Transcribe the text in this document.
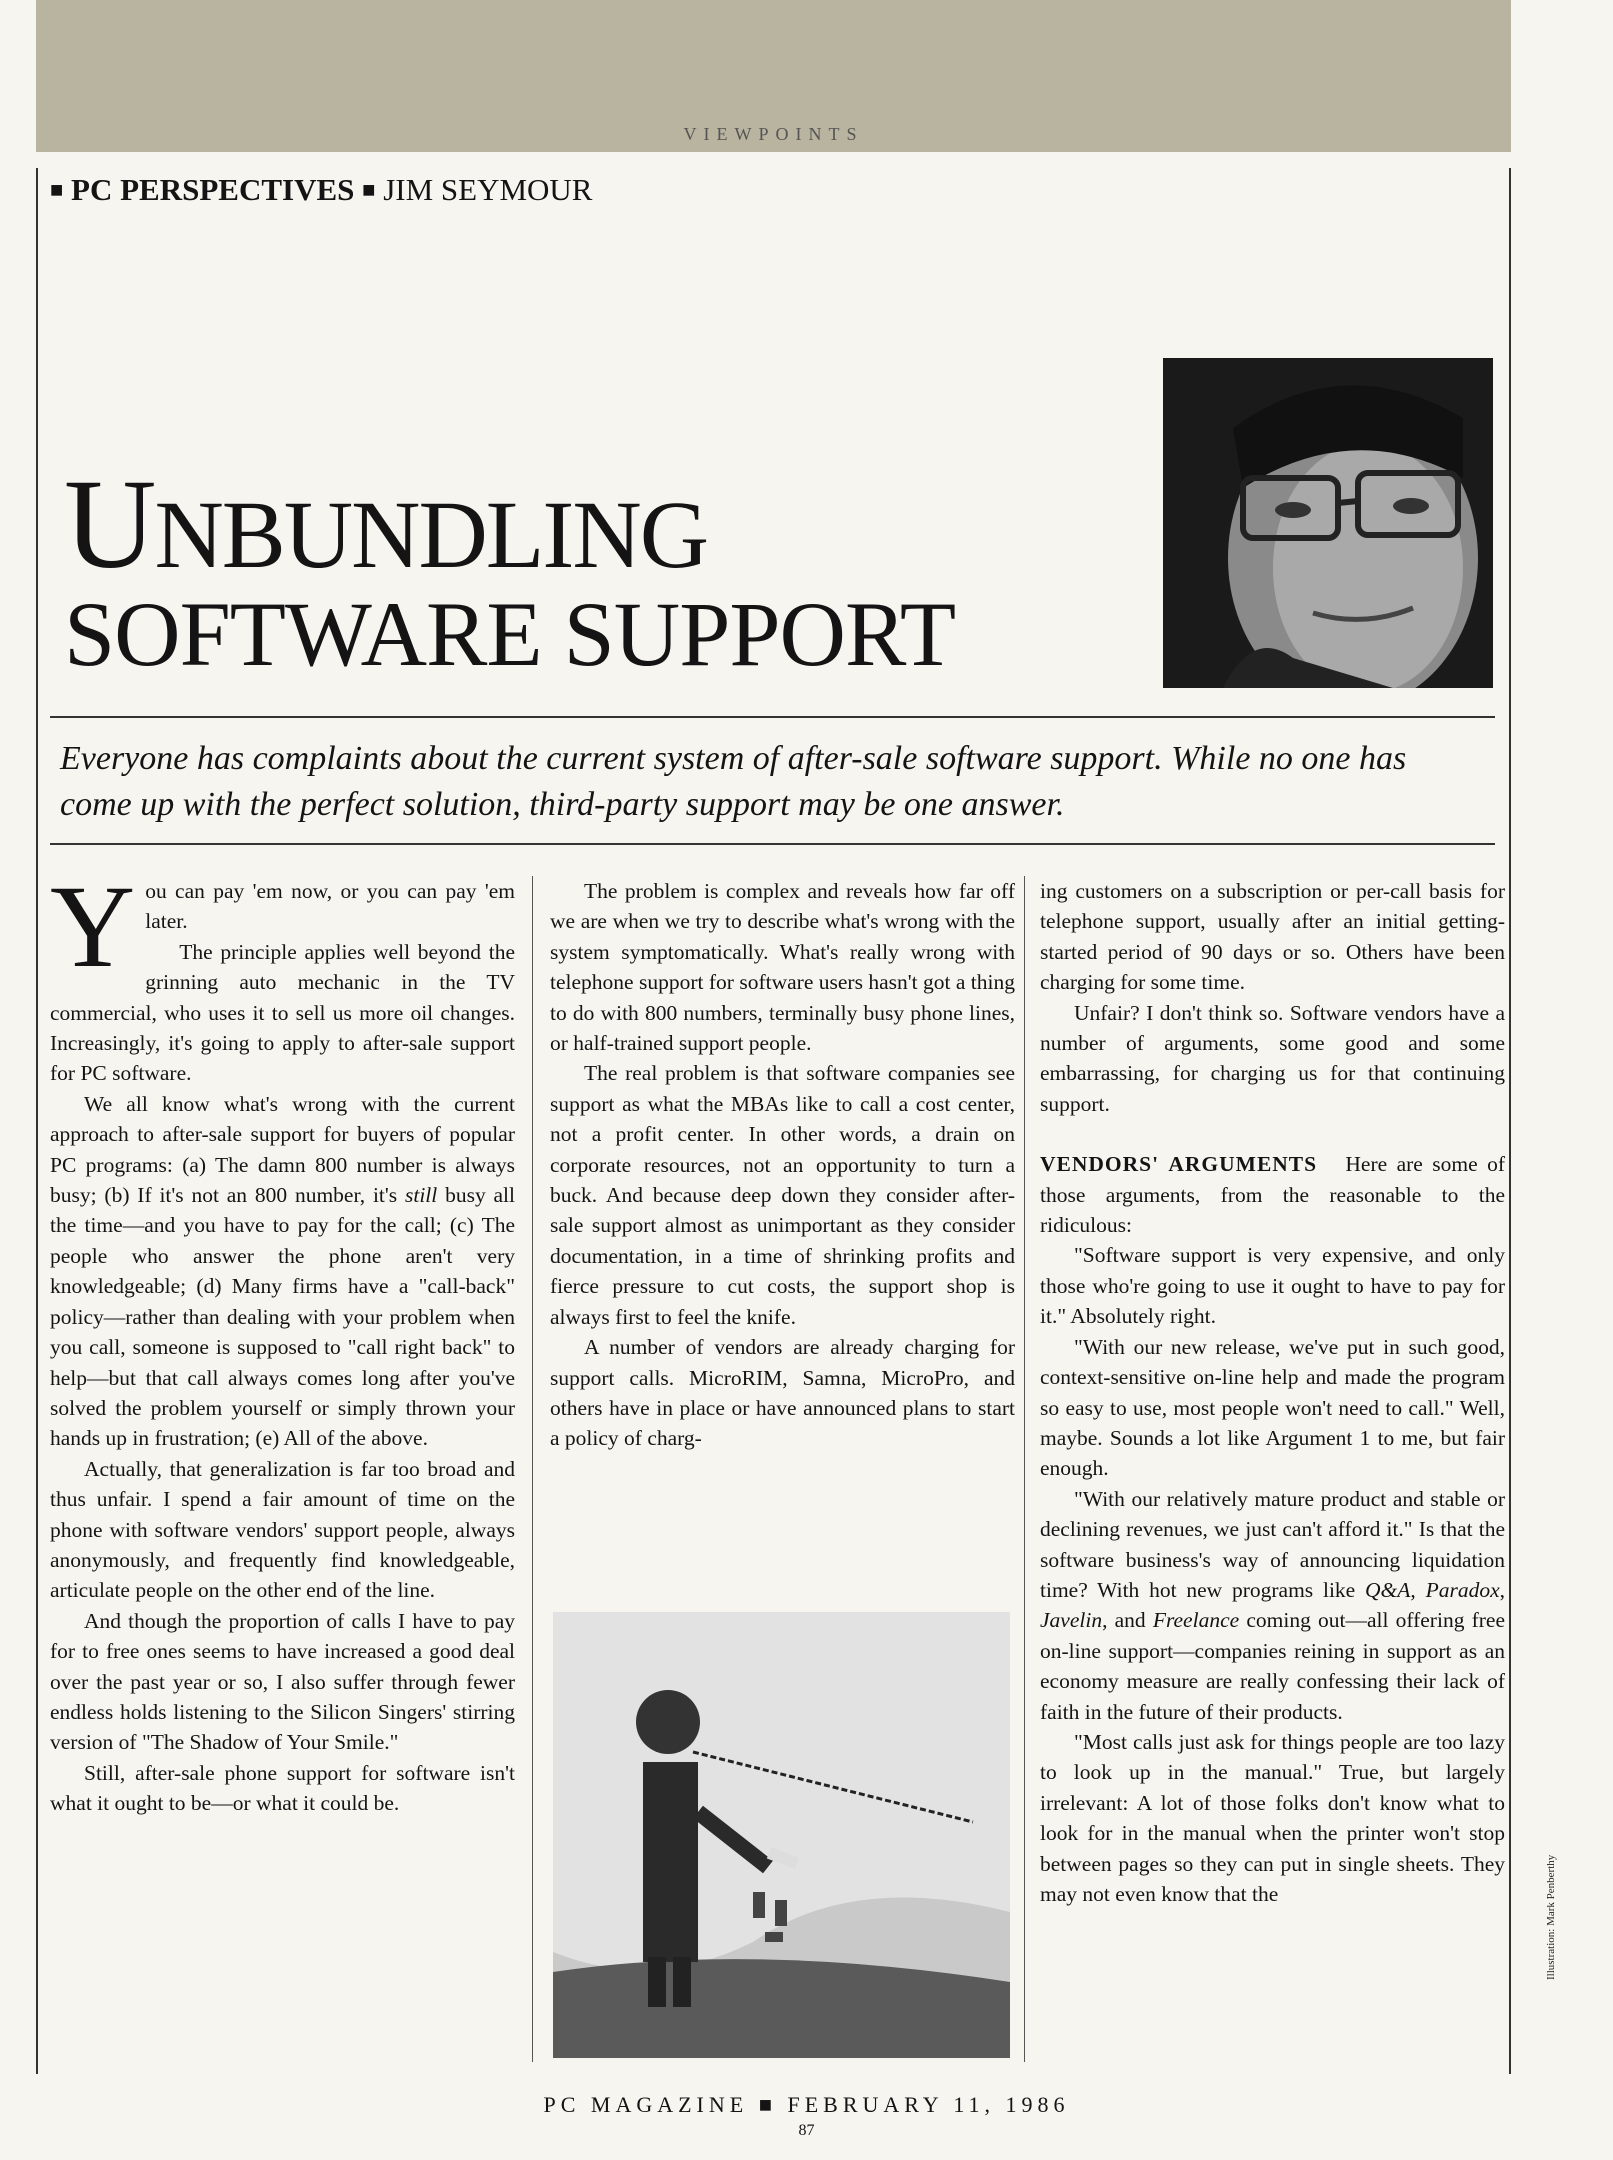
VIEWPOINTS
■ PC PERSPECTIVES ■ JIM SEYMOUR
UNBUNDLING
SOFTWARE SUPPORT
Everyone has complaints about the current system of after-sale software support. While no one has come up with the perfect solution, third-party support may be one answer.

You can pay 'em now, or you can pay 'em later.

The principle applies well beyond the grinning auto mechanic in the TV commercial, who uses it to sell us more oil changes. Increasingly, it's going to apply to after-sale support for PC software.

We all know what's wrong with the current approach to after-sale support for buyers of popular PC programs: (a) The damn 800 number is always busy; (b) If it's not an 800 number, it's still busy all the time—and you have to pay for the call; (c) The people who answer the phone aren't very knowledgeable; (d) Many firms have a "call-back" policy—rather than dealing with your problem when you call, someone is supposed to "call right back" to help—but that call always comes long after you've solved the problem yourself or simply thrown your hands up in frustration; (e) All of the above.

Actually, that generalization is far too broad and thus unfair. I spend a fair amount of time on the phone with software vendors' support people, always anonymously, and frequently find knowledgeable, articulate people on the other end of the line.

And though the proportion of calls I have to pay for to free ones seems to have increased a good deal over the past year or so, I also suffer through fewer endless holds listening to the Silicon Singers' stirring version of "The Shadow of Your Smile."

Still, after-sale phone support for software isn't what it ought to be—or what it could be.

The problem is complex and reveals how far off we are when we try to describe what's wrong with the system symptomatically. What's really wrong with telephone support for software users hasn't got a thing to do with 800 numbers, terminally busy phone lines, or half-trained support people.

The real problem is that software companies see support as what the MBAs like to call a cost center, not a profit center. In other words, a drain on corporate resources, not an opportunity to turn a buck. And because deep down they consider after-sale support almost as unimportant as they consider documentation, in a time of shrinking profits and fierce pressure to cut costs, the support shop is always first to feel the knife.

A number of vendors are already charging for support calls. MicroRIM, Samna, MicroPro, and others have in place or have announced plans to start a policy of charg-

ing customers on a subscription or per-call basis for telephone support, usually after an initial getting-started period of 90 days or so. Others have been charging for some time.

Unfair? I don't think so. Software vendors have a number of arguments, some good and some embarrassing, for charging us for that continuing support.

VENDORS' ARGUMENTS Here are some of those arguments, from the reasonable to the ridiculous:

"Software support is very expensive, and only those who're going to use it ought to have to pay for it." Absolutely right.

"With our new release, we've put in such good, context-sensitive on-line help and made the program so easy to use, most people won't need to call." Well, maybe. Sounds a lot like Argument 1 to me, but fair enough.

"With our relatively mature product and stable or declining revenues, we just can't afford it." Is that the software business's way of announcing liquidation time? With hot new programs like Q&A, Paradox, Javelin, and Freelance coming out—all offering free on-line support—companies reining in support as an economy measure are really confessing their lack of faith in the future of their products.

"Most calls just ask for things people are too lazy to look up in the manual." True, but largely irrelevant: A lot of those folks don't know what to look for in the manual when the printer won't stop between pages so they can put in single sheets. They may not even know that the	Illustration: Mark Penberthy
PC MAGAZINE ■ FEBRUARY 11, 1986
87
